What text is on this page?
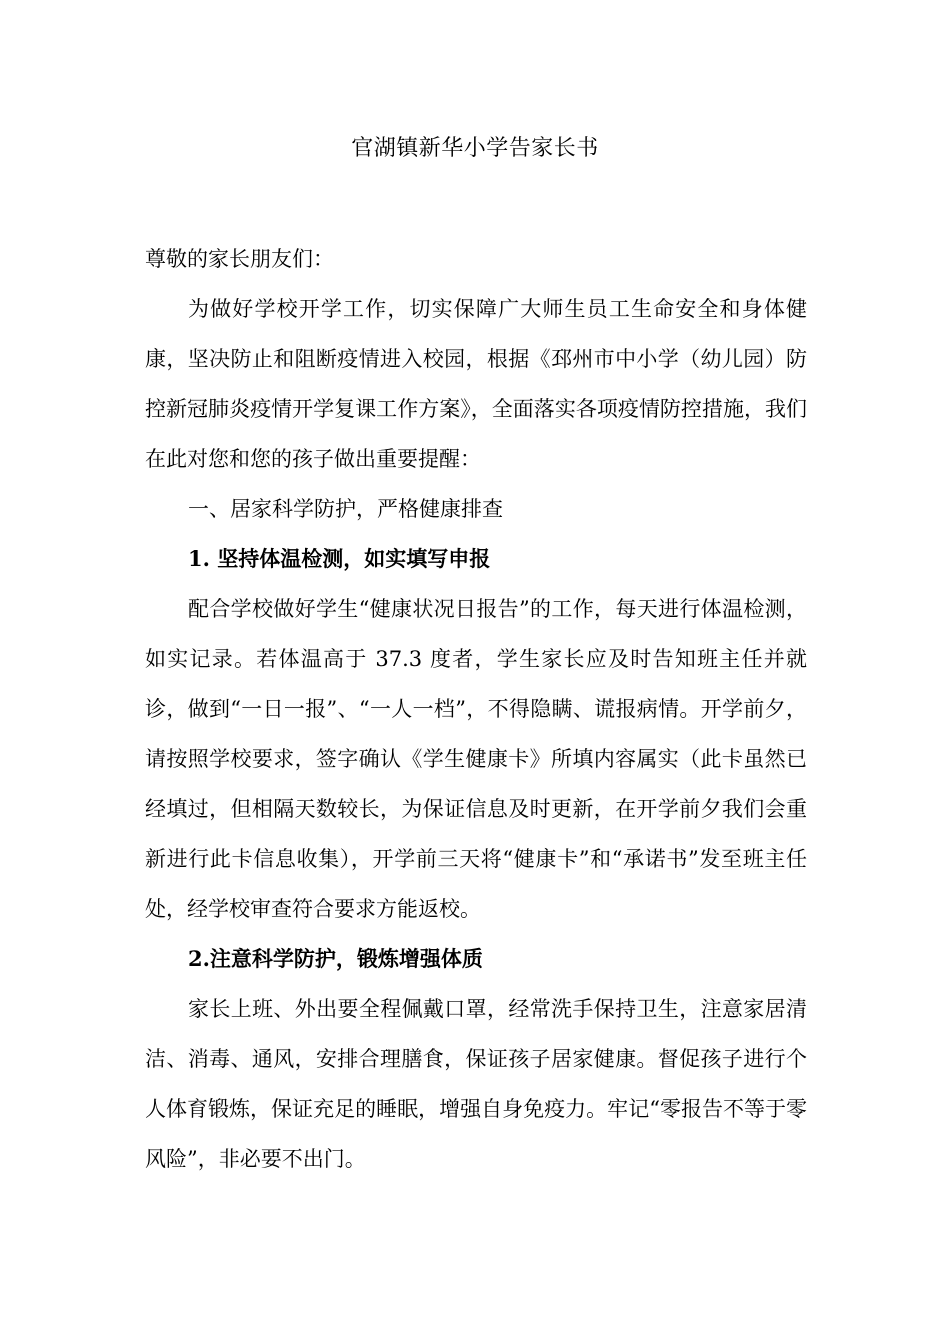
官湖镇新华小学告家长书

尊敬的家长朋友们：

为做好学校开学工作，切实保障广大师生员工生命安全和身体健康，坚决防止和阻断疫情进入校园，根据《邳州市中小学（幼儿园）防控新冠肺炎疫情开学复课工作方案》，全面落实各项疫情防控措施，我们在此对您和您的孩子做出重要提醒：

一、居家科学防护，严格健康排查

1. 坚持体温检测，如实填写申报

配合学校做好学生“健康状况日报告”的工作，每天进行体温检测，如实记录。若体温高于 37.3 度者，学生家长应及时告知班主任并就诊，做到“一日一报”、“一人一档”，不得隐瞒、谎报病情。开学前夕，请按照学校要求，签字确认《学生健康卡》所填内容属实（此卡虽然已经填过，但相隔天数较长，为保证信息及时更新，在开学前夕我们会重新进行此卡信息收集），开学前三天将“健康卡”和“承诺书”发至班主任处，经学校审查符合要求方能返校。

2.注意科学防护，锻炼增强体质

家长上班、外出要全程佩戴口罩，经常洗手保持卫生，注意家居清洁、消毒、通风，安排合理膳食，保证孩子居家健康。督促孩子进行个人体育锻炼，保证充足的睡眠，增强自身免疫力。牢记“零报告不等于零风险”，非必要不出门。
